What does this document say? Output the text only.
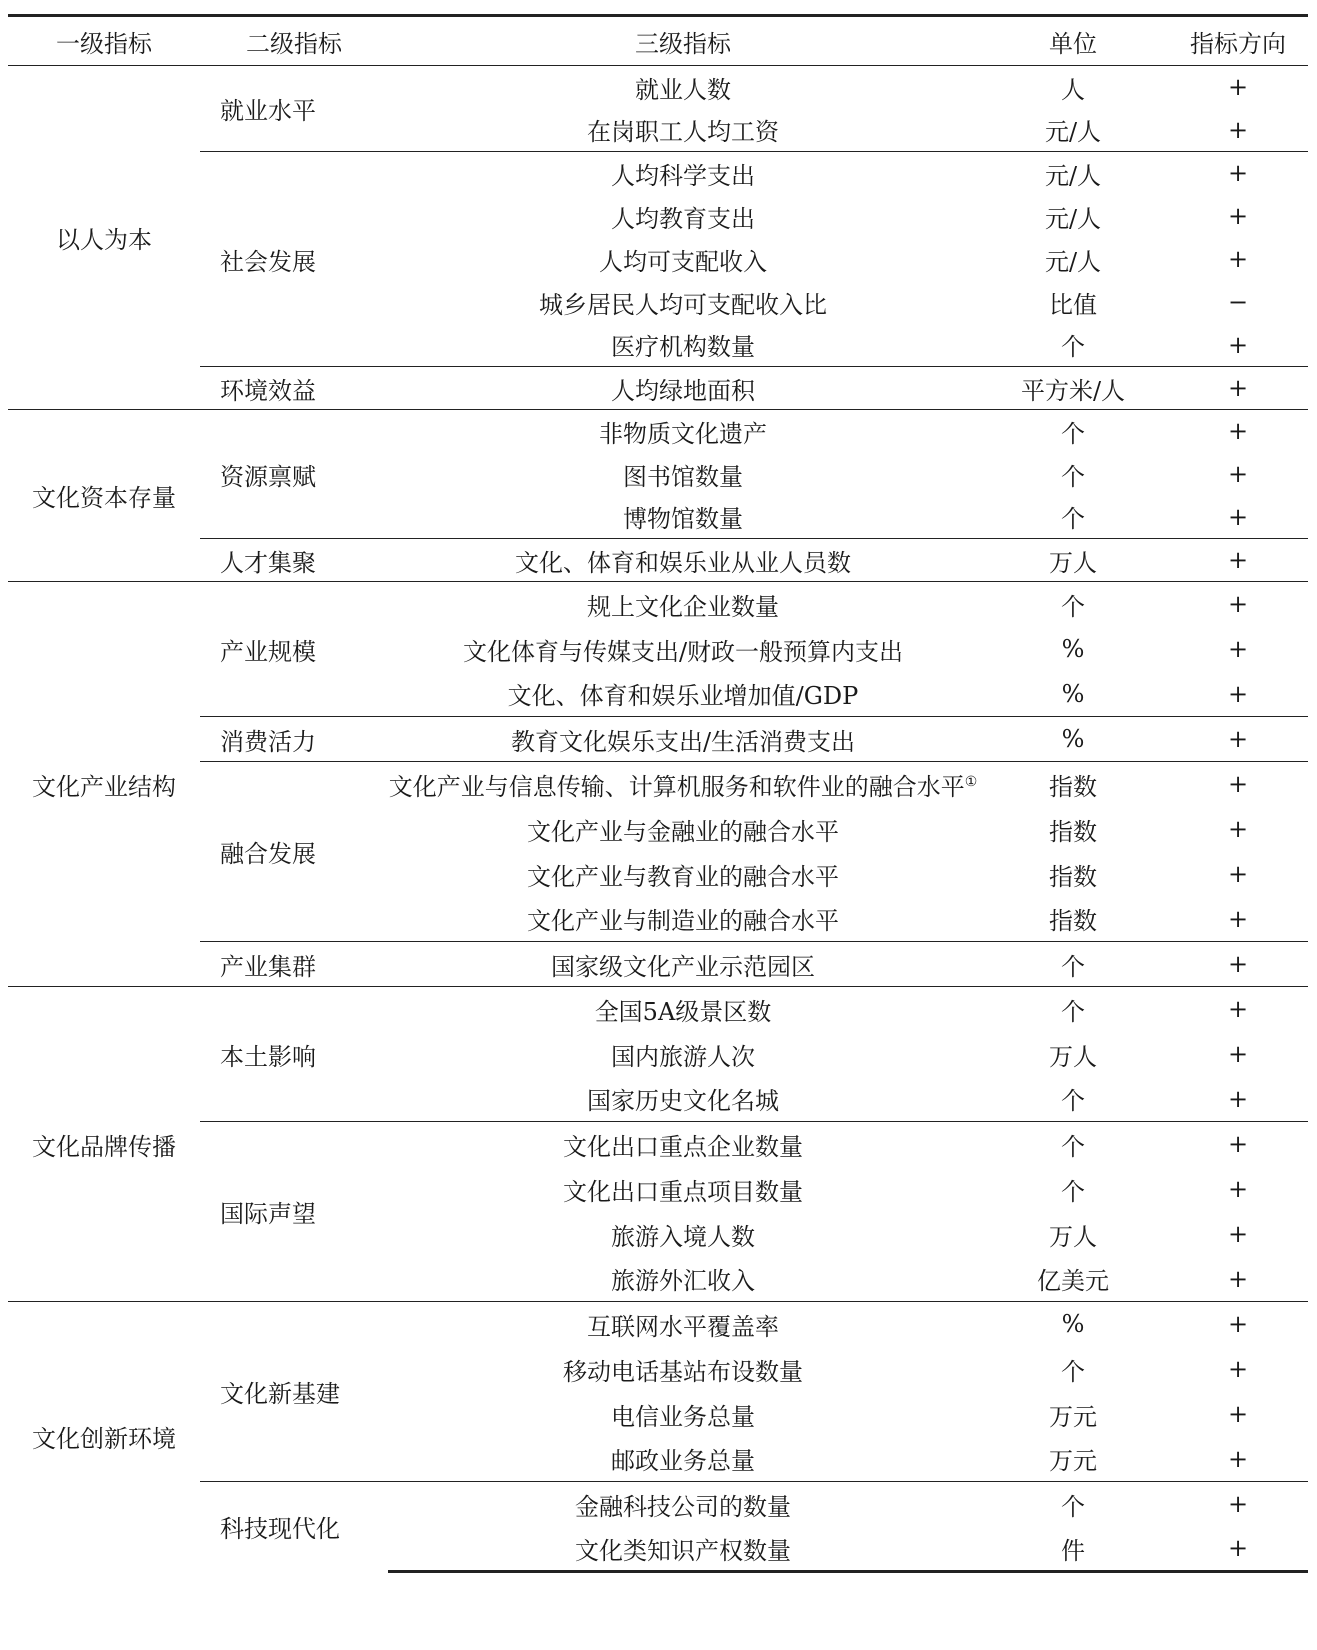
一级指标	二级指标	三级指标	单位	指标方向
以人为本	就业水平	就业人数	人	+
		在岗职工人均工资	元/人	+
	社会发展	人均科学支出	元/人	+
		人均教育支出	元/人	+
		人均可支配收入	元/人	+
		城乡居民人均可支配收入比	比值	−
		医疗机构数量	个	+
	环境效益	人均绿地面积	平方米/人	+
文化资本存量	资源禀赋	非物质文化遗产	个	+
		图书馆数量	个	+
		博物馆数量	个	+
	人才集聚	文化、体育和娱乐业从业人员数	万人	+
文化产业结构	产业规模	规上文化企业数量	个	+
		文化体育与传媒支出/财政一般预算内支出	%	+
		文化、体育和娱乐业增加值/GDP	%	+
	消费活力	教育文化娱乐支出/生活消费支出	%	+
	融合发展	文化产业与信息传输、计算机服务和软件业的融合水平①	指数	+
		文化产业与金融业的融合水平	指数	+
		文化产业与教育业的融合水平	指数	+
		文化产业与制造业的融合水平	指数	+
	产业集群	国家级文化产业示范园区	个	+
文化品牌传播	本土影响	全国5A级景区数	个	+
		国内旅游人次	万人	+
		国家历史文化名城	个	+
	国际声望	文化出口重点企业数量	个	+
		文化出口重点项目数量	个	+
		旅游入境人数	万人	+
		旅游外汇收入	亿美元	+
文化创新环境	文化新基建	互联网水平覆盖率	%	+
		移动电话基站布设数量	个	+
		电信业务总量	万元	+
		邮政业务总量	万元	+
	科技现代化	金融科技公司的数量	个	+
		文化类知识产权数量	件	+
